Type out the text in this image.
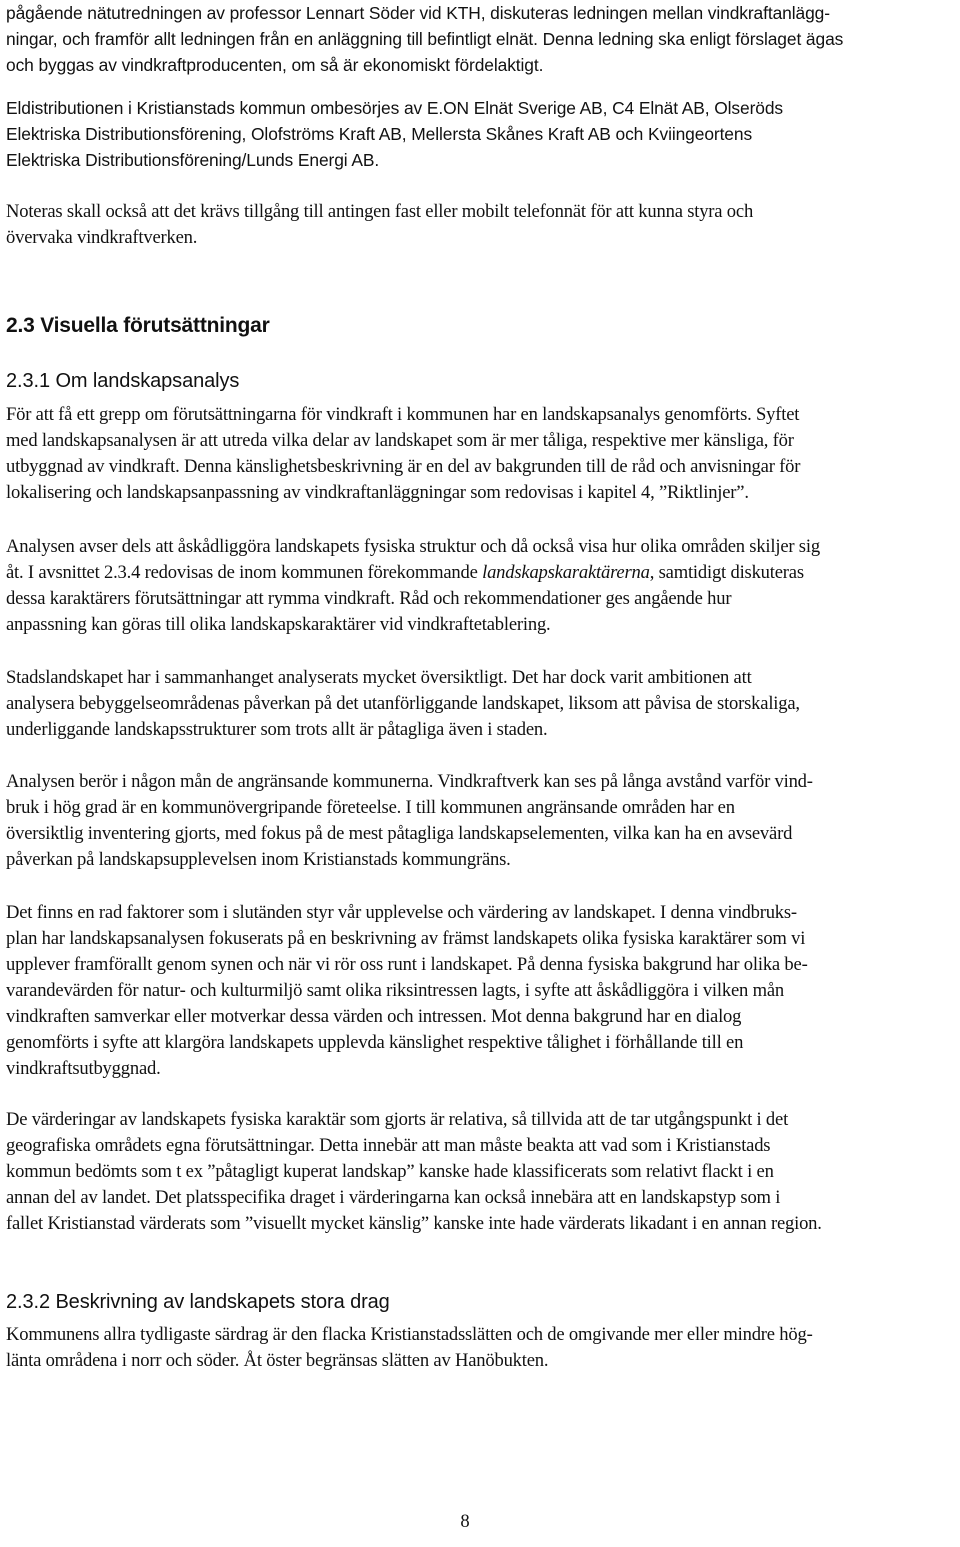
pågående nätutredningen av professor Lennart Söder vid KTH, diskuteras ledningen mellan vindkraftanlägg-
ningar, och framför allt ledningen från en anläggning till befintligt elnät. Denna ledning ska enligt förslaget ägas
och byggas av vindkraftproducenten, om så är ekonomiskt fördelaktigt.

Eldistributionen i Kristianstads kommun ombesörjes av E.ON Elnät Sverige AB, C4 Elnät AB, Olseröds
Elektriska Distributionsförening, Olofströms Kraft AB, Mellersta Skånes Kraft AB och Kviingeortens
Elektriska Distributionsförening/Lunds Energi AB.

Noteras skall också att det krävs tillgång till antingen fast eller mobilt telefonnät för att kunna styra och
övervaka vindkraftverken.

2.3 Visuella förutsättningar
2.3.1 Om landskapsanalys

För att få ett grepp om förutsättningarna för vindkraft i kommunen har en landskapsanalys genomförts. Syftet
med landskapsanalysen är att utreda vilka delar av landskapet som är mer tåliga, respektive mer känsliga, för
utbyggnad av vindkraft. Denna känslighetsbeskrivning är en del av bakgrunden till de råd och anvisningar för
lokalisering och landskapsanpassning av vindkraftanläggningar som redovisas i kapitel 4, ”Riktlinjer”.

Analysen avser dels att åskådliggöra landskapets fysiska struktur och då också visa hur olika områden skiljer sig
åt. I avsnittet 2.3.4 redovisas de inom kommunen förekommande landskapskaraktärerna, samtidigt diskuteras
dessa karaktärers förutsättningar att rymma vindkraft. Råd och rekommendationer ges angående hur
anpassning kan göras till olika landskapskaraktärer vid vindkraftetablering.

Stadslandskapet har i sammanhanget analyserats mycket översiktligt. Det har dock varit ambitionen att
analysera bebyggelseområdenas påverkan på det utanförliggande landskapet, liksom att påvisa de storskaliga,
underliggande landskapsstrukturer som trots allt är påtagliga även i staden.

Analysen berör i någon mån de angränsande kommunerna. Vindkraftverk kan ses på långa avstånd varför vind-
bruk i hög grad är en kommunövergripande företeelse. I till kommunen angränsande områden har en
översiktlig inventering gjorts, med fokus på de mest påtagliga landskapselementen, vilka kan ha en avsevärd
påverkan på landskapsupplevelsen inom Kristianstads kommungräns.

Det finns en rad faktorer som i slutänden styr vår upplevelse och värdering av landskapet. I denna vindbruks-
plan har landskapsanalysen fokuserats på en beskrivning av främst landskapets olika fysiska karaktärer som vi
upplever framförallt genom synen och när vi rör oss runt i landskapet. På denna fysiska bakgrund har olika be-
varandevärden för natur- och kulturmiljö samt olika riksintressen lagts, i syfte att åskådliggöra i vilken mån
vindkraften samverkar eller motverkar dessa värden och intressen. Mot denna bakgrund har en dialog
genomförts i syfte att klargöra landskapets upplevda känslighet respektive tålighet i förhållande till en
vindkraftsutbyggnad.

De värderingar av landskapets fysiska karaktär som gjorts är relativa, så tillvida att de tar utgångspunkt i det
geografiska områdets egna förutsättningar. Detta innebär att man måste beakta att vad som i Kristianstads
kommun bedömts som t ex ”påtagligt kuperat landskap” kanske hade klassificerats som relativt flackt i en
annan del av landet. Det platsspecifika draget i värderingarna kan också innebära att en landskapstyp som i
fallet Kristianstad värderats som ”visuellt mycket känslig” kanske inte hade värderats likadant i en annan region.

2.3.2 Beskrivning av landskapets stora drag

Kommunens allra tydligaste särdrag är den flacka Kristianstadsslätten och de omgivande mer eller mindre hög-
länta områdena i norr och söder. Åt öster begränsas slätten av Hanöbukten.

8
